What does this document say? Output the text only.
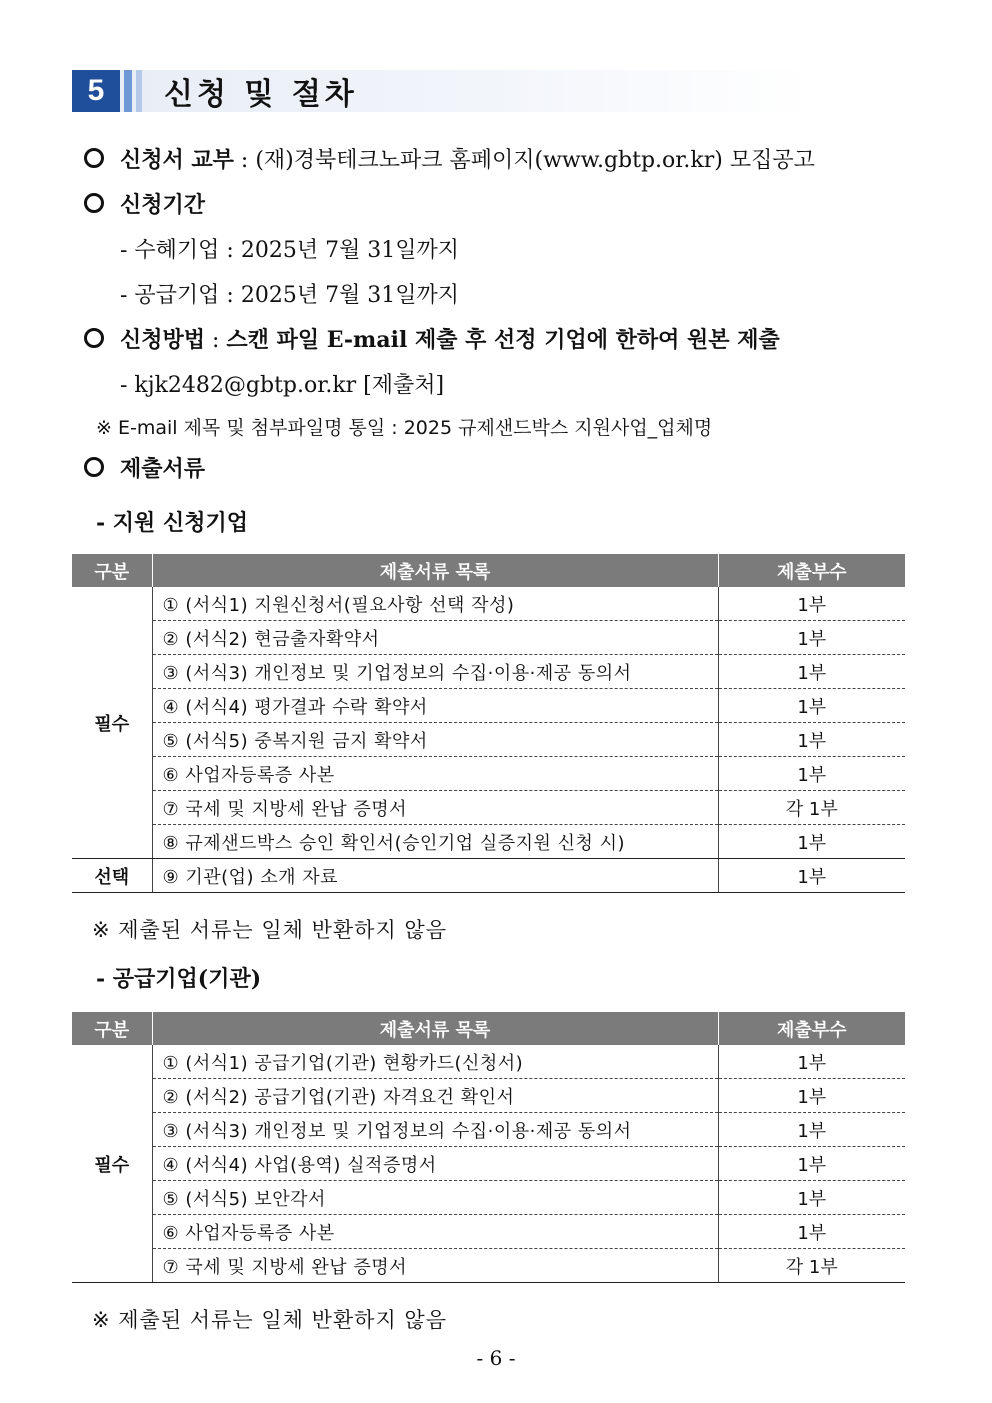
5	신청 및 절차
신청서 교부 : (재)경북테크노파크 홈페이지(www.gbtp.or.kr) 모집공고
신청기간
- 수혜기업 : 2025년 7월 31일까지
- 공급기업 : 2025년 7월 31일까지
신청방법 : 스캔 파일 E-mail 제출 후 선정 기업에 한하여 원본 제출
- kjk2482@gbtp.or.kr [제출처]
※ E-mail 제목 및 첨부파일명 통일 : 2025 규제샌드박스 지원사업_업체명
제출서류
- 지원 신청기업
구분	제출서류 목록	제출부수
필수	① (서식1) 지원신청서(필요사항 선택 작성)	1부
	② (서식2) 현금출자확약서	1부
	③ (서식3) 개인정보 및 기업정보의 수집·이용·제공 동의서	1부
	④ (서식4) 평가결과 수락 확약서	1부
	⑤ (서식5) 중복지원 금지 확약서	1부
	⑥ 사업자등록증 사본	1부
	⑦ 국세 및 지방세 완납 증명서	각 1부
	⑧ 규제샌드박스 승인 확인서(승인기업 실증지원 신청 시)	1부
선택	⑨ 기관(업) 소개 자료	1부
※ 제출된 서류는 일체 반환하지 않음
- 공급기업(기관)
구분	제출서류 목록	제출부수
필수	① (서식1) 공급기업(기관) 현황카드(신청서)	1부
	② (서식2) 공급기업(기관) 자격요건 확인서	1부
	③ (서식3) 개인정보 및 기업정보의 수집·이용·제공 동의서	1부
	④ (서식4) 사업(용역) 실적증명서	1부
	⑤ (서식5) 보안각서	1부
	⑥ 사업자등록증 사본	1부
	⑦ 국세 및 지방세 완납 증명서	각 1부
※ 제출된 서류는 일체 반환하지 않음
- 6 -
